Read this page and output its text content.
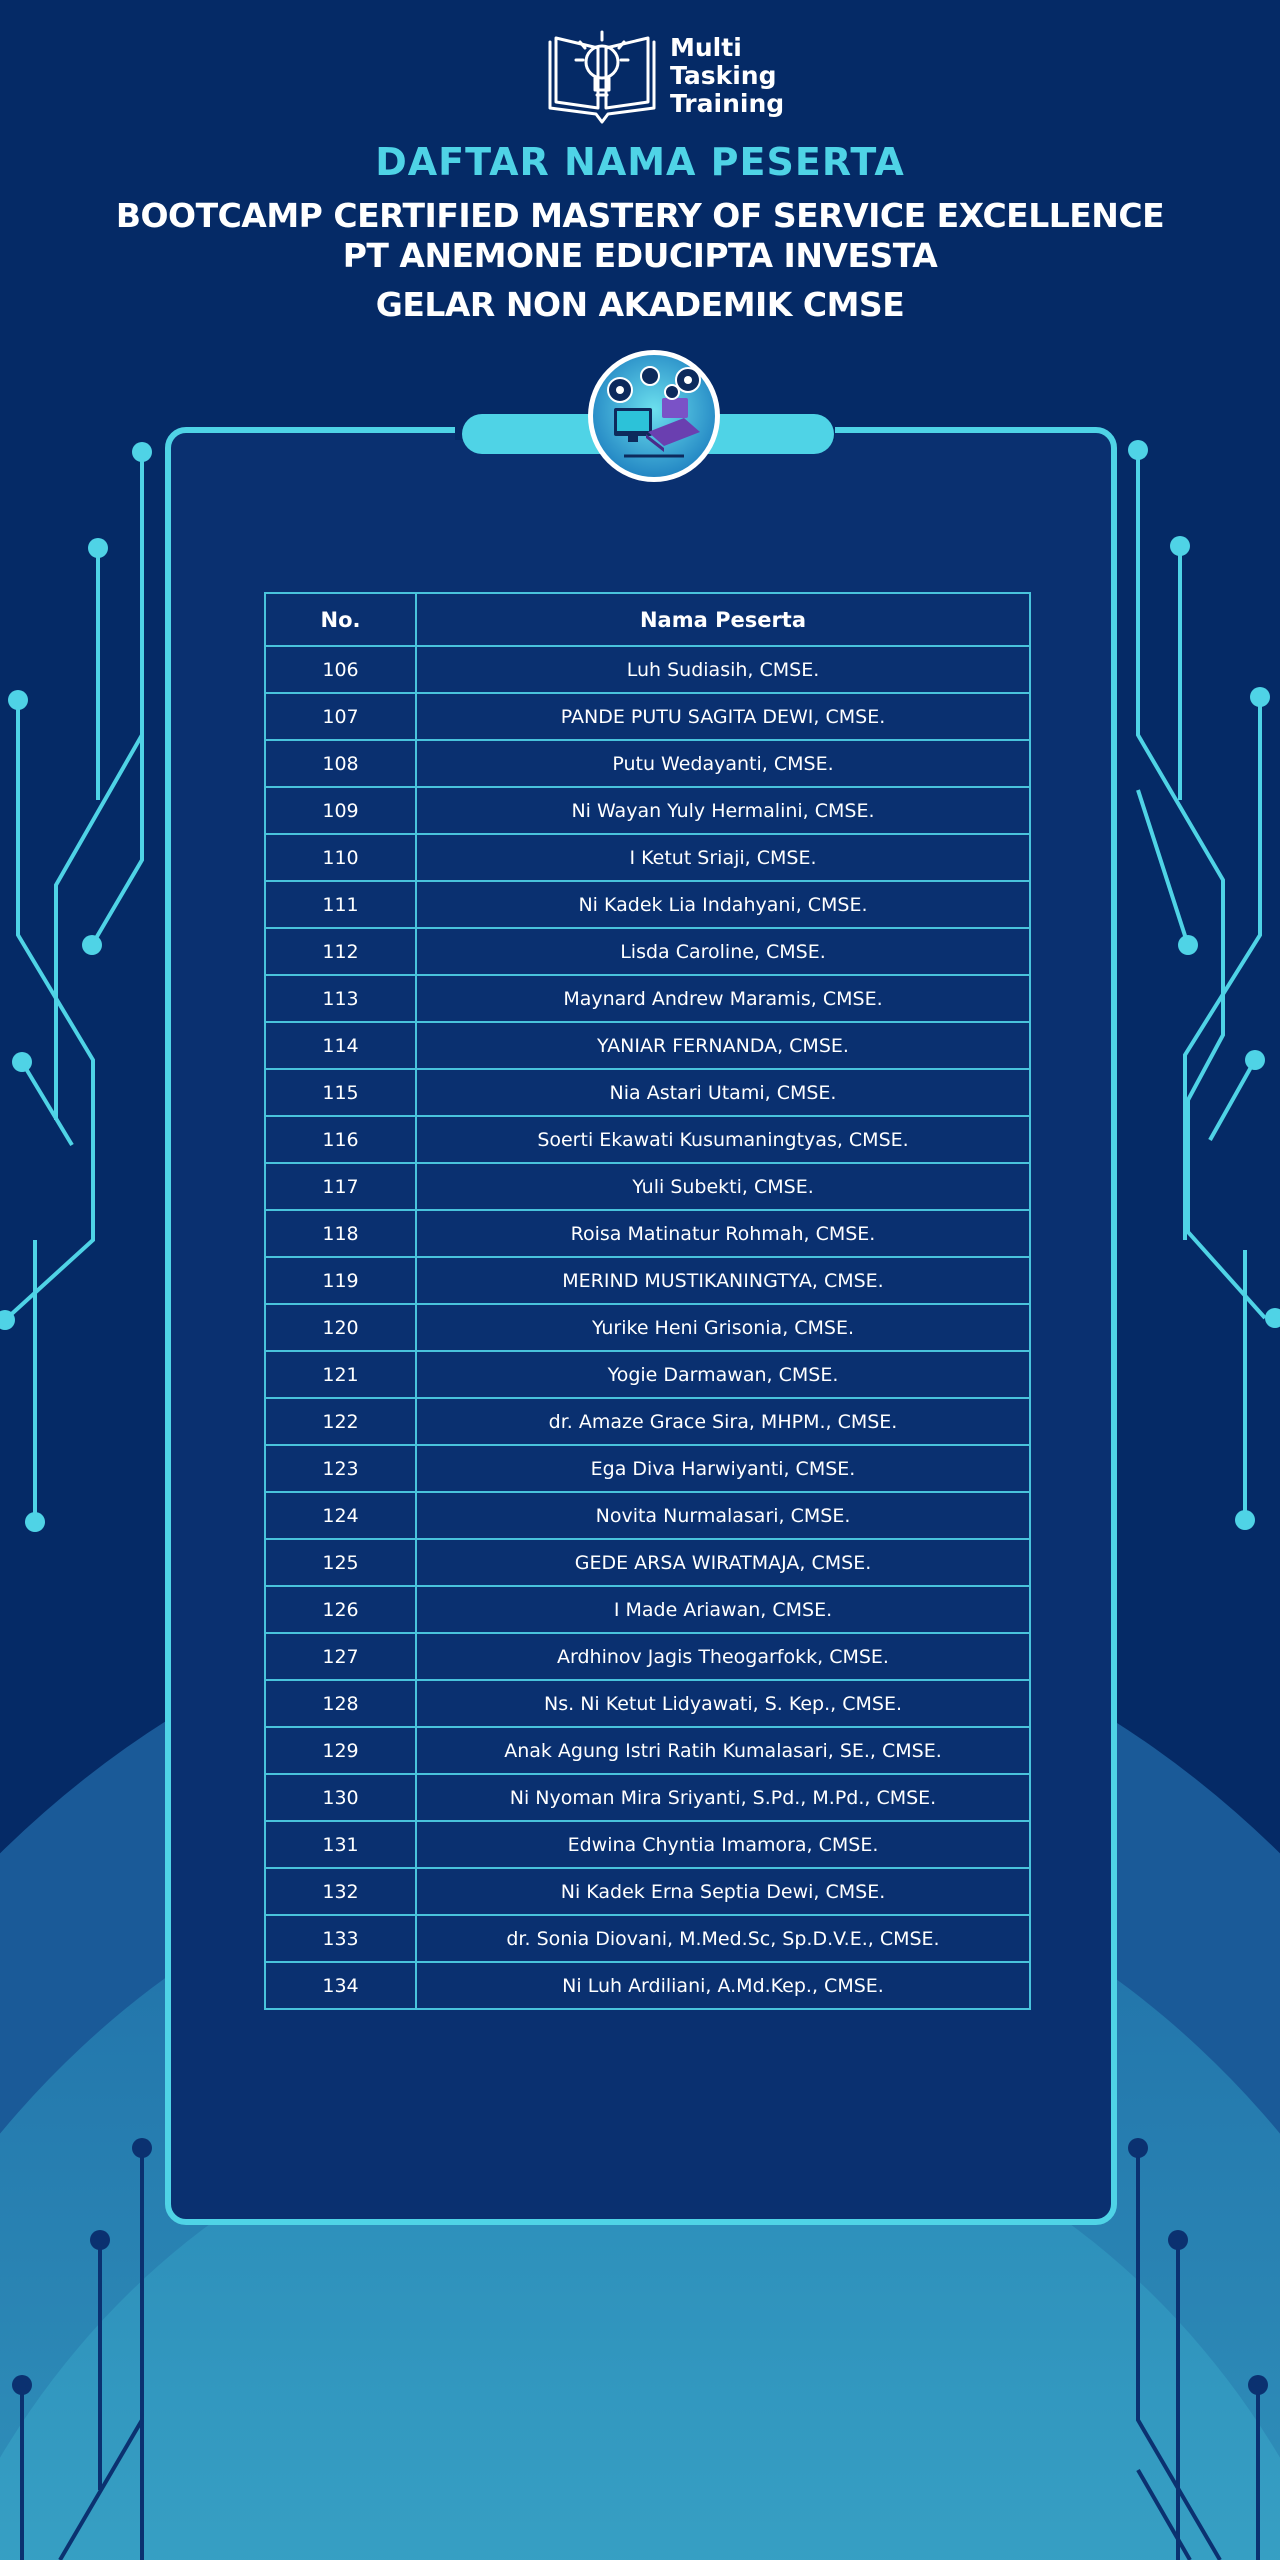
Multi
Tasking
Training
DAFTAR NAMA PESERTA
BOOTCAMP CERTIFIED MASTERY OF SERVICE EXCELLENCE
PT ANEMONE EDUCIPTA INVESTA
GELAR NON AKADEMIK CMSE
No.	Nama Peserta
106	Luh Sudiasih, CMSE.
107	PANDE PUTU SAGITA DEWI, CMSE.
108	Putu Wedayanti, CMSE.
109	Ni Wayan Yuly Hermalini, CMSE.
110	I Ketut Sriaji, CMSE.
111	Ni Kadek Lia Indahyani, CMSE.
112	Lisda Caroline, CMSE.
113	Maynard Andrew Maramis, CMSE.
114	YANIAR FERNANDA, CMSE.
115	Nia Astari Utami, CMSE.
116	Soerti Ekawati Kusumaningtyas, CMSE.
117	Yuli Subekti, CMSE.
118	Roisa Matinatur Rohmah, CMSE.
119	MERIND MUSTIKANINGTYA, CMSE.
120	Yurike Heni Grisonia, CMSE.
121	Yogie Darmawan, CMSE.
122	dr. Amaze Grace Sira, MHPM., CMSE.
123	Ega Diva Harwiyanti, CMSE.
124	Novita Nurmalasari, CMSE.
125	GEDE ARSA WIRATMAJA, CMSE.
126	I Made Ariawan, CMSE.
127	Ardhinov Jagis Theogarfokk, CMSE.
128	Ns. Ni Ketut Lidyawati, S. Kep., CMSE.
129	Anak Agung Istri Ratih Kumalasari, SE., CMSE.
130	Ni Nyoman Mira Sriyanti, S.Pd., M.Pd., CMSE.
131	Edwina Chyntia Imamora, CMSE.
132	Ni Kadek Erna Septia Dewi, CMSE.
133	dr. Sonia Diovani, M.Med.Sc, Sp.D.V.E., CMSE.
134	Ni Luh Ardiliani, A.Md.Kep., CMSE.
